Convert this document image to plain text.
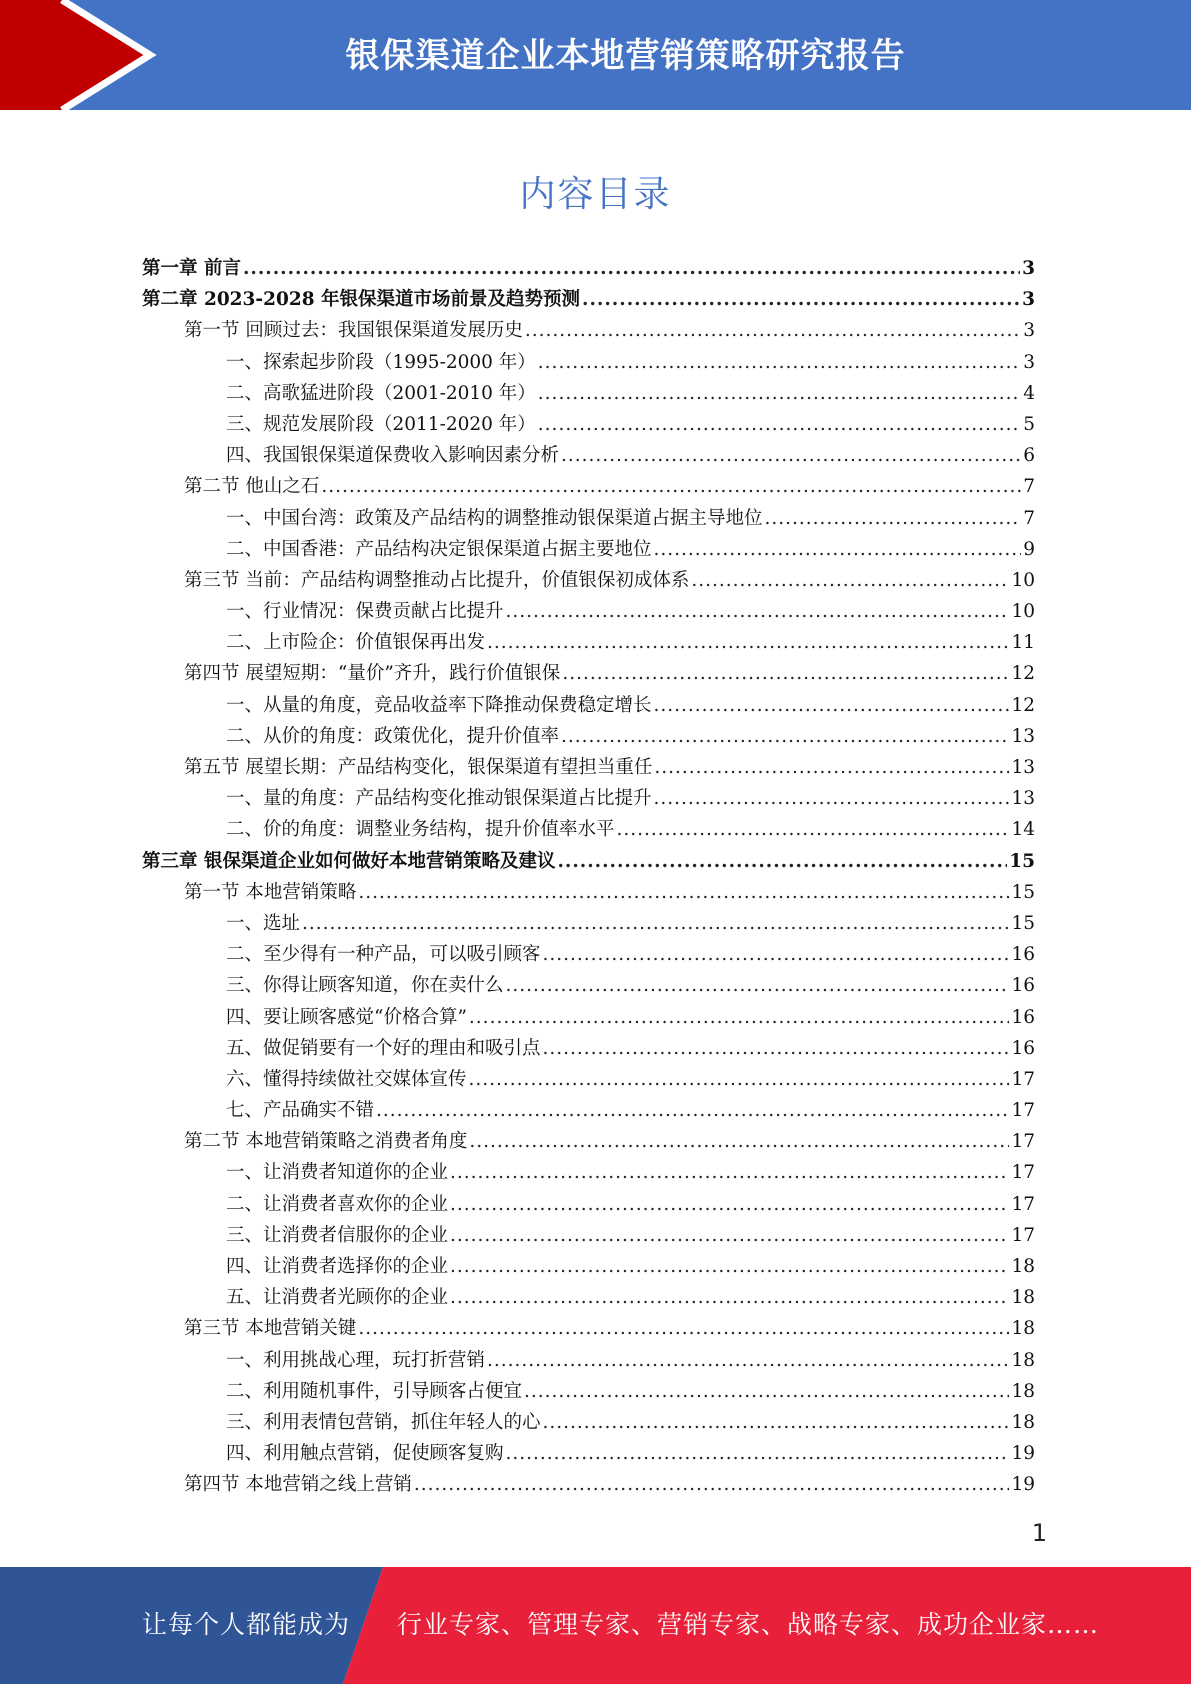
银保渠道企业本地营销策略研究报告
内容目录
第一章 前言 .....	3
第二章 2023-2028 年银保渠道市场前景及趋势预测 .....	3
第一节 回顾过去：我国银保渠道发展历史 .....	3
一、探索起步阶段（1995-2000 年） .....	3
二、高歌猛进阶段（2001-2010 年） .....	4
三、规范发展阶段（2011-2020 年） .....	5
四、我国银保渠道保费收入影响因素分析 .....	6
第二节 他山之石 .....	7
一、中国台湾：政策及产品结构的调整推动银保渠道占据主导地位 .....	7
二、中国香港：产品结构决定银保渠道占据主要地位 .....	9
第三节 当前：产品结构调整推动占比提升，价值银保初成体系 .....	10
一、行业情况：保费贡献占比提升 .....	10
二、上市险企：价值银保再出发 .....	11
第四节 展望短期：“量价”齐升，践行价值银保 .....	12
一、从量的角度，竞品收益率下降推动保费稳定增长 .....	12
二、从价的角度：政策优化，提升价值率 .....	13
第五节 展望长期：产品结构变化，银保渠道有望担当重任 .....	13
一、量的角度：产品结构变化推动银保渠道占比提升 .....	13
二、价的角度：调整业务结构，提升价值率水平 .....	14
第三章 银保渠道企业如何做好本地营销策略及建议 .....	15
第一节 本地营销策略 .....	15
一、选址 .....	15
二、至少得有一种产品，可以吸引顾客 .....	16
三、你得让顾客知道，你在卖什么 .....	16
四、要让顾客感觉“价格合算” .....	16
五、做促销要有一个好的理由和吸引点 .....	16
六、懂得持续做社交媒体宣传 .....	17
七、产品确实不错 .....	17
第二节 本地营销策略之消费者角度 .....	17
一、让消费者知道你的企业 .....	17
二、让消费者喜欢你的企业 .....	17
三、让消费者信服你的企业 .....	17
四、让消费者选择你的企业 .....	18
五、让消费者光顾你的企业 .....	18
第三节 本地营销关键 .....	18
一、利用挑战心理，玩打折营销 .....	18
二、利用随机事件，引导顾客占便宜 .....	18
三、利用表情包营销，抓住年轻人的心 .....	18
四、利用触点营销，促使顾客复购 .....	19
第四节 本地营销之线上营销 .....	19
1
让每个人都能成为 行业专家、管理专家、营销专家、战略专家、成功企业家……
